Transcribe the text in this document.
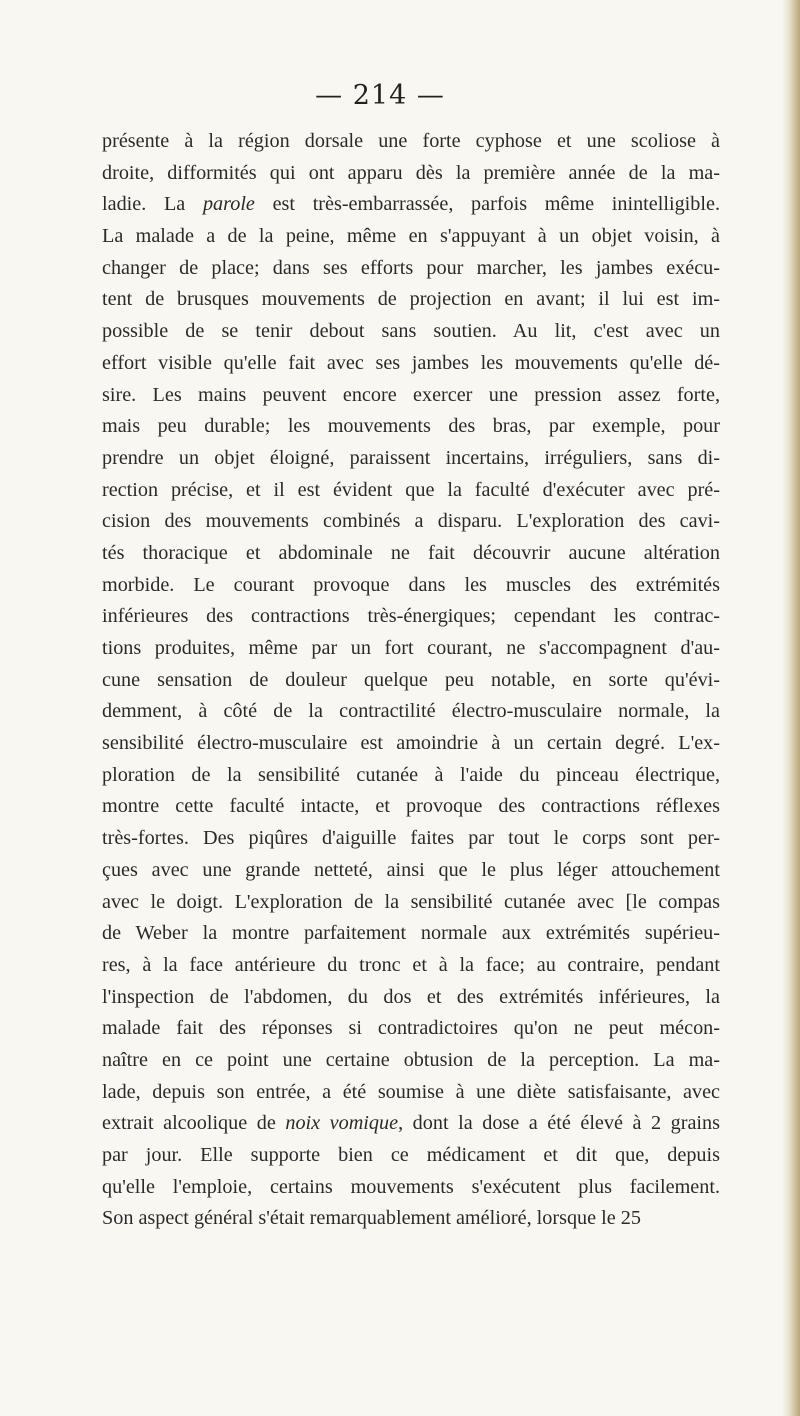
— 214 —
présente à la région dorsale une forte cyphose et une scoliose à
droite, difformités qui ont apparu dès la première année de la ma-
ladie. La parole est très-embarrassée, parfois même inintelligible.
La malade a de la peine, même en s'appuyant à un objet voisin, à
changer de place; dans ses efforts pour marcher, les jambes exécu-
tent de brusques mouvements de projection en avant; il lui est im-
possible de se tenir debout sans soutien. Au lit, c'est avec un
effort visible qu'elle fait avec ses jambes les mouvements qu'elle dé-
sire. Les mains peuvent encore exercer une pression assez forte,
mais peu durable; les mouvements des bras, par exemple, pour
prendre un objet éloigné, paraissent incertains, irréguliers, sans di-
rection précise, et il est évident que la faculté d'exécuter avec pré-
cision des mouvements combinés a disparu. L'exploration des cavi-
tés thoracique et abdominale ne fait découvrir aucune altération
morbide. Le courant provoque dans les muscles des extrémités
inférieures des contractions très-énergiques; cependant les contrac-
tions produites, même par un fort courant, ne s'accompagnent d'au-
cune sensation de douleur quelque peu notable, en sorte qu'évi-
demment, à côté de la contractilité électro-musculaire normale, la
sensibilité électro-musculaire est amoindrie à un certain degré. L'ex-
ploration de la sensibilité cutanée à l'aide du pinceau électrique,
montre cette faculté intacte, et provoque des contractions réflexes
très-fortes. Des piqûres d'aiguille faites par tout le corps sont per-
çues avec une grande netteté, ainsi que le plus léger attouchement
avec le doigt. L'exploration de la sensibilité cutanée avec [le compas
de Weber la montre parfaitement normale aux extrémités supérieu-
res, à la face antérieure du tronc et à la face; au contraire, pendant
l'inspection de l'abdomen, du dos et des extrémités inférieures, la
malade fait des réponses si contradictoires qu'on ne peut mécon-
naître en ce point une certaine obtusion de la perception. La ma-
lade, depuis son entrée, a été soumise à une diète satisfaisante, avec
extrait alcoolique de noix vomique, dont la dose a été élevé à 2 grains
par jour. Elle supporte bien ce médicament et dit que, depuis
qu'elle l'emploie, certains mouvements s'exécutent plus facilement.
Son aspect général s'était remarquablement amélioré, lorsque le 25
